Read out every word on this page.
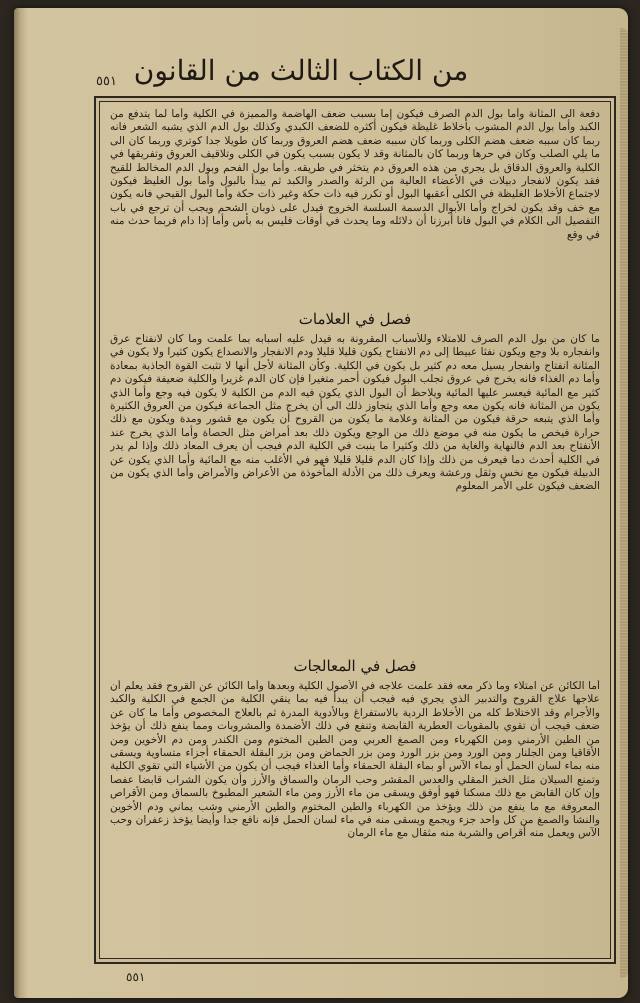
من الكتاب الثالث من القانون
٥٥١

دفعة الى المثانة وأما بول الدم الصرف فيكون إما بسبب ضعف الهاضمة والمميزة في الكلية وأما لما يتدفع من الكبد وأما بول الدم المشوب بأخلاط غليظة فيكون أكثره للضعف الكبدي وكذلك بول الدم الذي يشبه الشعر فانه ربما كان سببه ضعف هضم الكلى وربما كان سببه ضعف هضم العروق وربما كان طويلا جدا كوتري وربما كان الى ما يلي الصلب وكان في حرها وربما كان بالمثانة وقد لا يكون بسبب يكون في الكلى وتلاقيف العروق وتفريقها في الكلية والعروق الدقاق بل يجري من هذه العروق دم يتخثر في طريقه. وأما بول الفحم وبول الدم المخالط للقيح فقد يكون لانفجار دبيلات في الأعضاء العالية من الرئة والصدر والكبد ثم يبدأ بالبول وأما بول الغليظ فيكون لاجتماع الأخلاط الغليظة في الكلى أعقبها البول أو تكرر فيه ذات حكة وغير ذات حكة وأما البول القيحي فانه يكون مع خف وقد يكون لخراج وأما الأبوال الدسمة السلسة الخروج فيدل على ذوبان الشحم ويجب أن ترجع في باب التفصيل الى الكلام في البول فانا أبرزنا أن دلائله وما يحدث في أوقات فليس به بأس وأما إذا دام فربما حدث منه في وقع

فصل في العلامات

ما كان من بول الدم الصرف للامتلاء وللأسباب المقرونة به فيدل عليه أسبابه بما علمت وما كان لانفتاح عرق وانفجاره بلا وجع ويكون نفثا عبيطا إلى دم الانفتاح يكون قليلا قليلا ودم الانفجار والانصداع يكون كثيرا ولا يكون في المثانة انفتاح وانفجار يسيل معه دم كثير بل يكون في الكلية. وكأن المثانة لأجل أنها لا تثبت القوة الجاذبة بمعادة وأما دم الغذاء فانه يخرج في عروق تجلب البول فيكون أحمر متغيرا فإن كان الدم غزيرا والكلية ضعيفة فيكون دم كثير مع المائية فيعسر عليها المائية ويلاحظ أن البول الذي يكون فيه الدم من الكلية لا يكون فيه وجع وأما الذي يكون من المثانة فانه يكون معه وجع وأما الذي يتجاوز ذلك الى أن يخرج مثل الجماعة فيكون من العروق الكثيرة وأما الذي يتبعه حرقة فيكون من المثانة وعلامة ما يكون من القروح أن يكون مع قشور ومدة ويكون مع ذلك حرارة فيخص ما يكون منه في موضع ذلك من الوجع ويكون ذلك بعد أمراض مثل الحصاة وأما الذي يخرج عند الأنفتاح بعد الدم فالنهاية والغاية من ذلك وكثيرا ما ينبت في الكلية الدم فيجب أن يعرف المعاد ذلك وإذا لم يدر في الكلية أحدث دما فيعرف من ذلك وإذا كان الدم قليلا قليلا فهو في الأغلب منه مع المائية وأما الذي يكون عن الدبيلة فيكون مع نخس وثقل ورعشة ويعرف ذلك من الأدلة المأخوذة من الأعراض والأمراض وأما الذي يكون من الضعف فيكون على الأمر المعلوم

فصل في المعالجات

أما الكائن عن امتلاء وما ذكر معه فقد علمت علاجه في الأصول الكلية وبعدها وأما الكائن عن القروح فقد يعلم أن علاجها علاج القروح والتدبير الذي يجري فيه فيجب أن يبدأ فيه بما ينقي الكلية من الجمع في الكلية والكبد والأجرام وقد الاختلاط كله من الأخلاط الردية بالاستفراغ وبالأدوية المدرة ثم بالعلاج المخصوص وأما ما كان عن ضعف فيجب أن تقوي بالمقويات العطرية القابضة وتنفع في ذلك الأضمدة والمشروبات ومما ينفع ذلك أن يؤخذ من الطين الأرمني ومن الكهرباء ومن الصمغ العربي ومن الطين المختوم ومن الكندر ومن دم الأخوين ومن الأقاقيا ومن الجلنار ومن الورد ومن بزر الورد ومن بزر الحماض ومن بزر البقلة الحمقاء أجزاء متساوية ويسقى منه بماء لسان الحمل أو بماء الآس أو بماء البقلة الحمقاء وأما الغذاء فيجب أن يكون من الأشياء التي تقوي الكلية وتمنع السيلان مثل الخبز المقلي والعدس المقشر وحب الرمان والسماق والأرز وأن يكون الشراب قابضا عفصا وإن كان القابض مع ذلك مسكنا فهو أوفق ويسقى من ماء الأرز ومن ماء الشعير المطبوخ بالسماق ومن الأقراص المعروفة مع ما ينفع من ذلك ويؤخذ من الكهرباء والطين المختوم والطين الأرمني وشب يماني ودم الأخوين والنشا والصمغ من كل واحد جزء ويجمع ويسقى منه في ماء لسان الحمل فإنه نافع جدا وأيضا يؤخذ زعفران وحب الآس ويعمل منه أقراص والشربة منه مثقال مع ماء الرمان

٥٥١
